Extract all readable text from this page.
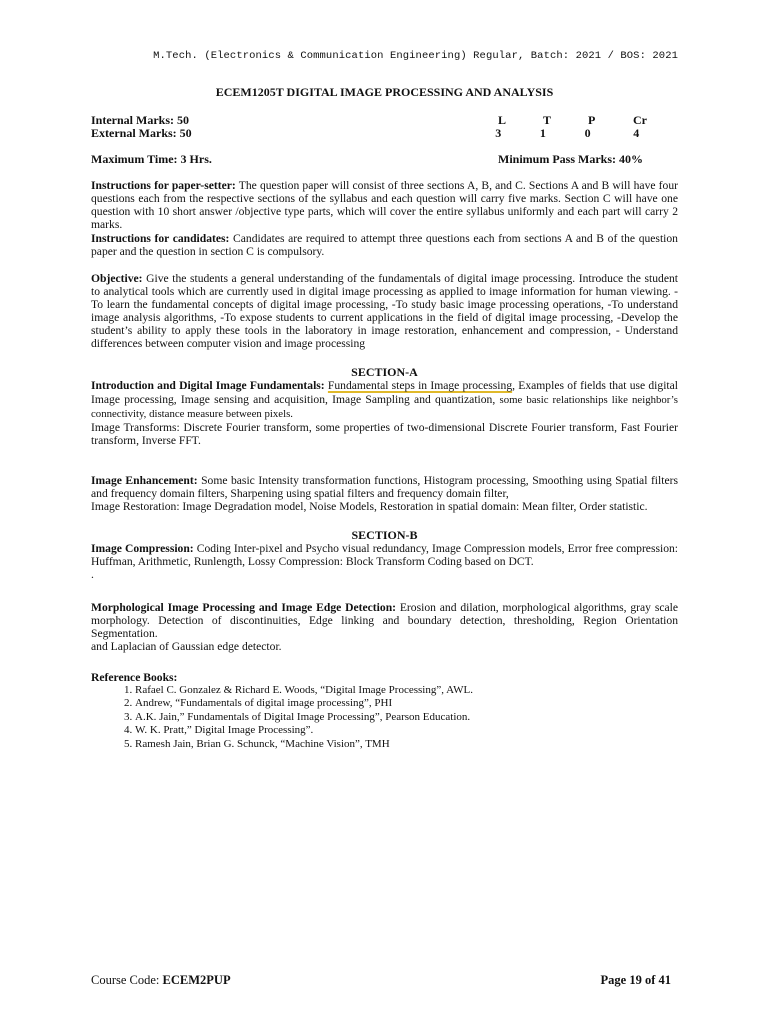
M.Tech. (Electronics & Communication Engineering) Regular, Batch: 2021 / BOS: 2021
ECEM1205T DIGITAL IMAGE PROCESSING AND ANALYSIS
Internal Marks: 50	L	T	P	Cr
External Marks: 50	3	1	0	4
Maximum Time: 3 Hrs.	Minimum Pass Marks: 40%

Instructions for paper-setter: The question paper will consist of three sections A, B, and C. Sections A and B will have four questions each from the respective sections of the syllabus and each question will carry five marks. Section C will have one question with 10 short answer /objective type parts, which will cover the entire syllabus uniformly and each part will carry 2 marks.

Instructions for candidates: Candidates are required to attempt three questions each from sections A and B of the question paper and the question in section C is compulsory.

Objective: Give the students a general understanding of the fundamentals of digital image processing. Introduce the student to analytical tools which are currently used in digital image processing as applied to image information for human viewing. -To learn the fundamental concepts of digital image processing, -To study basic image processing operations, -To understand image analysis algorithms, -To expose students to current applications in the field of digital image processing, -Develop the student’s ability to apply these tools in the laboratory in image restoration, enhancement and compression, - Understand differences between computer vision and image processing

SECTION-A

Introduction and Digital Image Fundamentals: Fundamental steps in Image processing, Examples of fields that use digital Image processing, Image sensing and acquisition, Image Sampling and quantization, some basic relationships like neighbor’s connectivity, distance measure between pixels.

Image Transforms: Discrete Fourier transform, some properties of two-dimensional Discrete Fourier transform, Fast Fourier transform, Inverse FFT.

Image Enhancement: Some basic Intensity transformation functions, Histogram processing, Smoothing using Spatial filters and frequency domain filters, Sharpening using spatial filters and frequency domain filter,

Image Restoration: Image Degradation model, Noise Models, Restoration in spatial domain: Mean filter, Order statistic.

SECTION-B

Image Compression: Coding Inter-pixel and Psycho visual redundancy, Image Compression models, Error free compression: Huffman, Arithmetic, Runlength, Lossy Compression: Block Transform Coding based on DCT.

.

Morphological Image Processing and Image Edge Detection: Erosion and dilation, morphological algorithms, gray scale morphology. Detection of discontinuities, Edge linking and boundary detection, thresholding, Region Orientation Segmentation.

and Laplacian of Gaussian edge detector.

Reference Books:
1. Rafael C. Gonzalez & Richard E. Woods, “Digital Image Processing”, AWL.
2. Andrew, “Fundamentals of digital image processing”, PHI
3. A.K. Jain,” Fundamentals of Digital Image Processing”, Pearson Education.
4. W. K. Pratt,” Digital Image Processing”.
5. Ramesh Jain, Brian G. Schunck, “Machine Vision”, TMH
Course Code: ECEM2PUP	Page 19 of 41
